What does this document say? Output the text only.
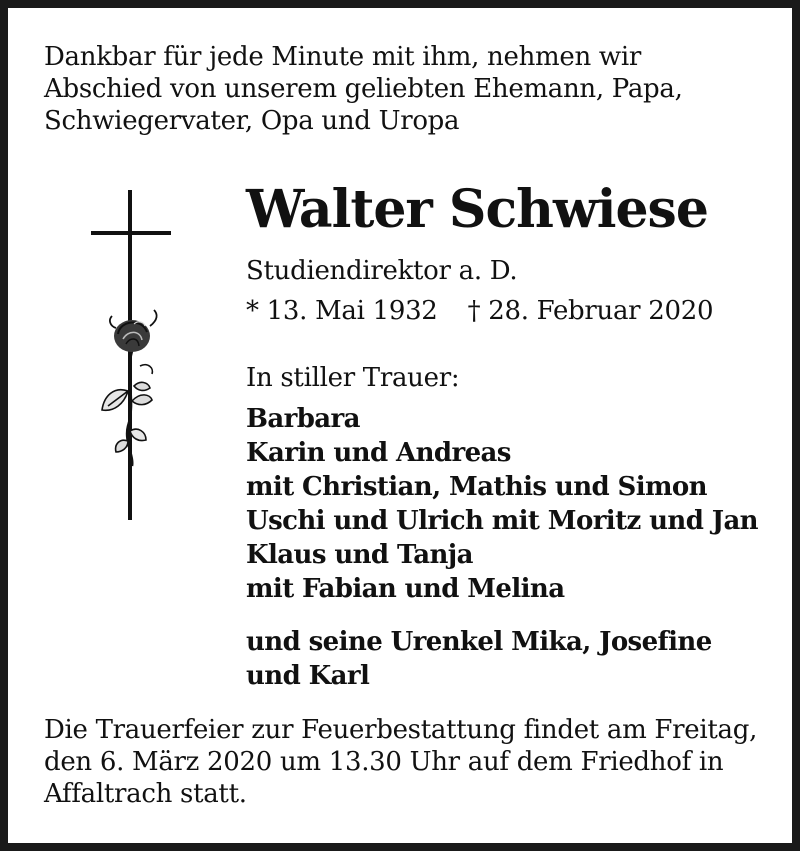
Dankbar für jede Minute mit ihm, nehmen wir
Abschied von unserem geliebten Ehemann, Papa,
Schwiegervater, Opa und Uropa
Walter Schwiese
Studiendirektor a. D.
* 13. Mai 1932 † 28. Februar 2020
In stiller Trauer:
Barbara
Karin und Andreas
mit Christian, Mathis und Simon
Uschi und Ulrich mit Moritz und Jan
Klaus und Tanja
mit Fabian und Melina
und seine Urenkel Mika, Josefine
und Karl
Die Trauerfeier zur Feuerbestattung findet am Freitag,
den 6. März 2020 um 13.30 Uhr auf dem Friedhof in
Affaltrach statt.
